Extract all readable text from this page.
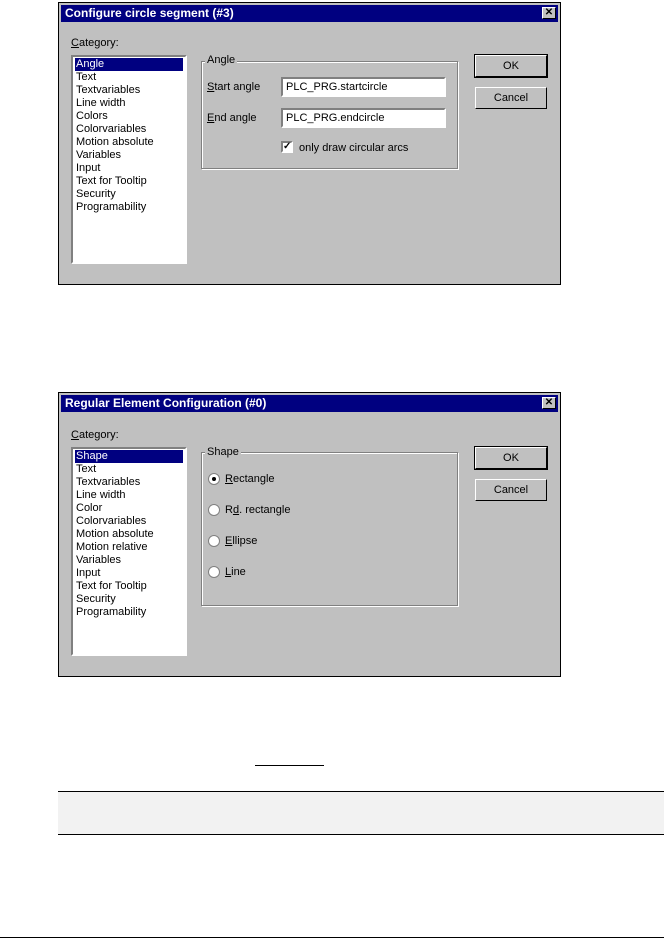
Configure circle segment (#3)	✕
Category:
Angle
Text
Textvariables
Line width
Colors
Colorvariables
Motion absolute
Variables
Input
Text for Tooltip
Security
Programability
Angle
Start angle	PLC_PRG.startcircle
End angle	PLC_PRG.endcircle
✓ only draw circular arcs
OK
Cancel
Regular Element Configuration (#0)	✕
Category:
Shape
Text
Textvariables
Line width
Color
Colorvariables
Motion absolute
Motion relative
Variables
Input
Text for Tooltip
Security
Programability
Shape	OK
Cancel
Rectangle
Rd. rectangle
Ellipse
Line
